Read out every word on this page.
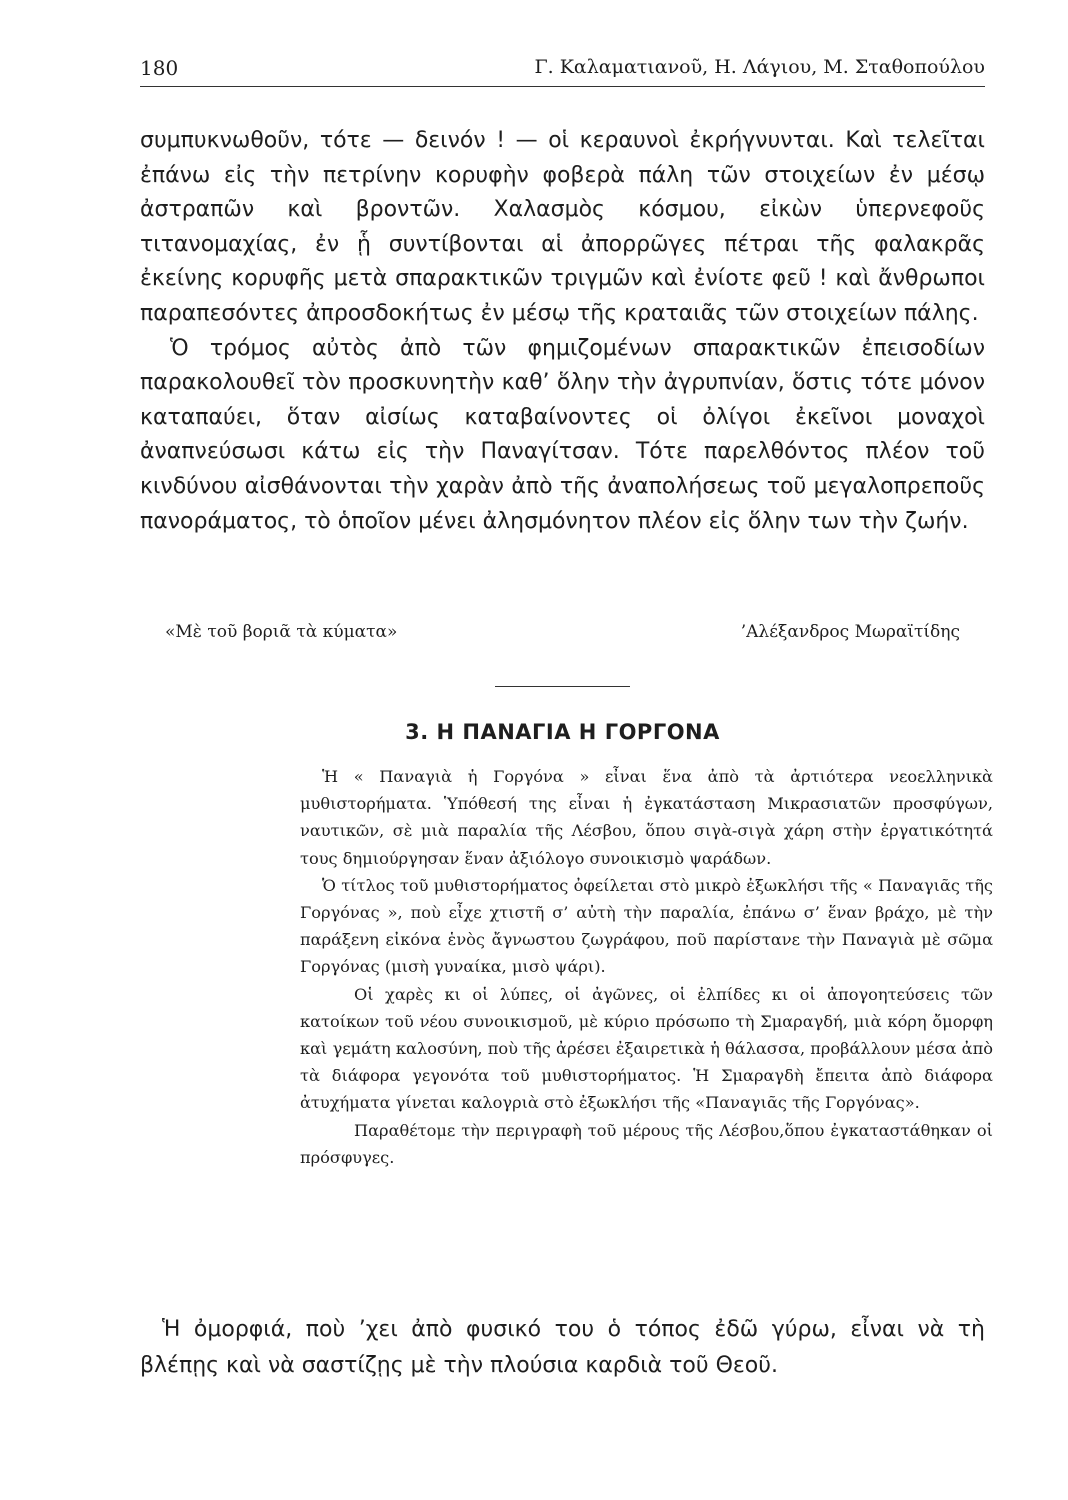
180	Γ. Καλαματιανοῦ, Η. Λάγιου, Μ. Σταθοπούλου

συμπυκνωθοῦν, τότε — δεινόν ! — οἱ κεραυνοὶ ἐκρήγνυνται. Καὶ τελεῖται ἐπάνω εἰς τὴν πετρίνην κορυφὴν φοβερὰ πάλη τῶν στοιχείων ἐν μέσῳ ἀστραπῶν καὶ βροντῶν. Χαλασμὸς κόσμου, εἰκὼν ὑπερνεφοῦς τιτανομαχίας, ἐν ᾗ συντίβονται αἱ ἀπορρῶγες πέτραι τῆς φαλακρᾶς ἐκείνης κορυφῆς μετὰ σπαρακτικῶν τριγμῶν καὶ ἐνίοτε φεῦ ! καὶ ἄνθρωποι παραπεσόντες ἀπροσδοκήτως ἐν μέσῳ τῆς κραταιᾶς τῶν στοιχείων πάλης.

Ὁ τρόμος αὐτὸς ἀπὸ τῶν φημιζομένων σπαρακτικῶν ἐπεισοδίων παρακολουθεῖ τὸν προσκυνητὴν καθ’ ὅλην τὴν ἀγρυπνίαν, ὅστις τότε μόνον καταπαύει, ὅταν αἰσίως καταβαίνοντες οἱ ὀλίγοι ἐκεῖνοι μοναχοὶ ἀναπνεύσωσι κάτω εἰς τὴν Παναγίτσαν. Τότε παρελθόντος πλέον τοῦ κινδύνου αἰσθάνονται τὴν χαρὰν ἀπὸ τῆς ἀναπολήσεως τοῦ μεγαλοπρεποῦς πανοράματος, τὸ ὁποῖον μένει ἀλησμόνητον πλέον εἰς ὅλην των τὴν ζωήν.

«Μὲ τοῦ βοριᾶ τὰ κύματα»	’Αλέξανδρος Μωραϊτίδης
3. Η ΠΑΝΑΓΙΑ Η ΓΟΡΓΟΝΑ

Ἡ « Παναγιὰ ἡ Γοργόνα » εἶναι ἕνα ἀπὸ τὰ ἀρτιότερα νεοελληνικὰ μυθιστορήματα. Ὑπόθεσή της εἶναι ἡ ἐγκατάσταση Μικρασιατῶν προσφύγων, ναυτικῶν, σὲ μιὰ παραλία τῆς Λέσβου, ὅπου σιγὰ-σιγὰ χάρη στὴν ἐργατικότητά τους δημιούργησαν ἕναν ἀξιόλογο συνοικισμὸ ψαράδων.

Ὁ τίτλος τοῦ μυθιστορήματος ὀφείλεται στὸ μικρὸ ἐξωκλήσι τῆς « Παναγιᾶς τῆς Γοργόνας », ποὺ εἶχε χτιστῆ σ’ αὐτὴ τὴν παραλία, ἐπάνω σ’ ἕναν βράχο, μὲ τὴν παράξενη εἰκόνα ἑνὸς ἄγνωστου ζωγράφου, ποῦ παρίστανε τὴν Παναγιὰ μὲ σῶμα Γοργόνας (μισὴ γυναίκα, μισὸ ψάρι).

Οἱ χαρὲς κι οἱ λύπες, οἱ ἀγῶνες, οἱ ἐλπίδες κι οἱ ἀπογοητεύσεις τῶν κατοίκων τοῦ νέου συνοικισμοῦ, μὲ κύριο πρόσωπο τὴ Σμαραγδή, μιὰ κόρη ὄμορφη καὶ γεμάτη καλοσύνη, ποὺ τῆς ἀρέσει ἐξαιρετικὰ ἡ θάλασσα, προβάλλουν μέσα ἀπὸ τὰ διάφορα γεγονότα τοῦ μυθιστορήματος. Ἡ Σμαραγδὴ ἔπειτα ἀπὸ διάφορα ἀτυχήματα γίνεται καλογριὰ στὸ ἐξωκλήσι τῆς «Παναγιᾶς τῆς Γοργόνας».

Παραθέτομε τὴν περιγραφὴ τοῦ μέρους τῆς Λέσβου,ὅπου ἐγκαταστάθηκαν οἱ πρόσφυγες.

Ἡ ὀμορφιά, ποὺ ’χει ἀπὸ φυσικό του ὁ τόπος ἐδῶ γύρω, εἶναι νὰ τὴ βλέπῃς καὶ νὰ σαστίζῃς μὲ τὴν πλούσια καρδιὰ τοῦ Θεοῦ.
